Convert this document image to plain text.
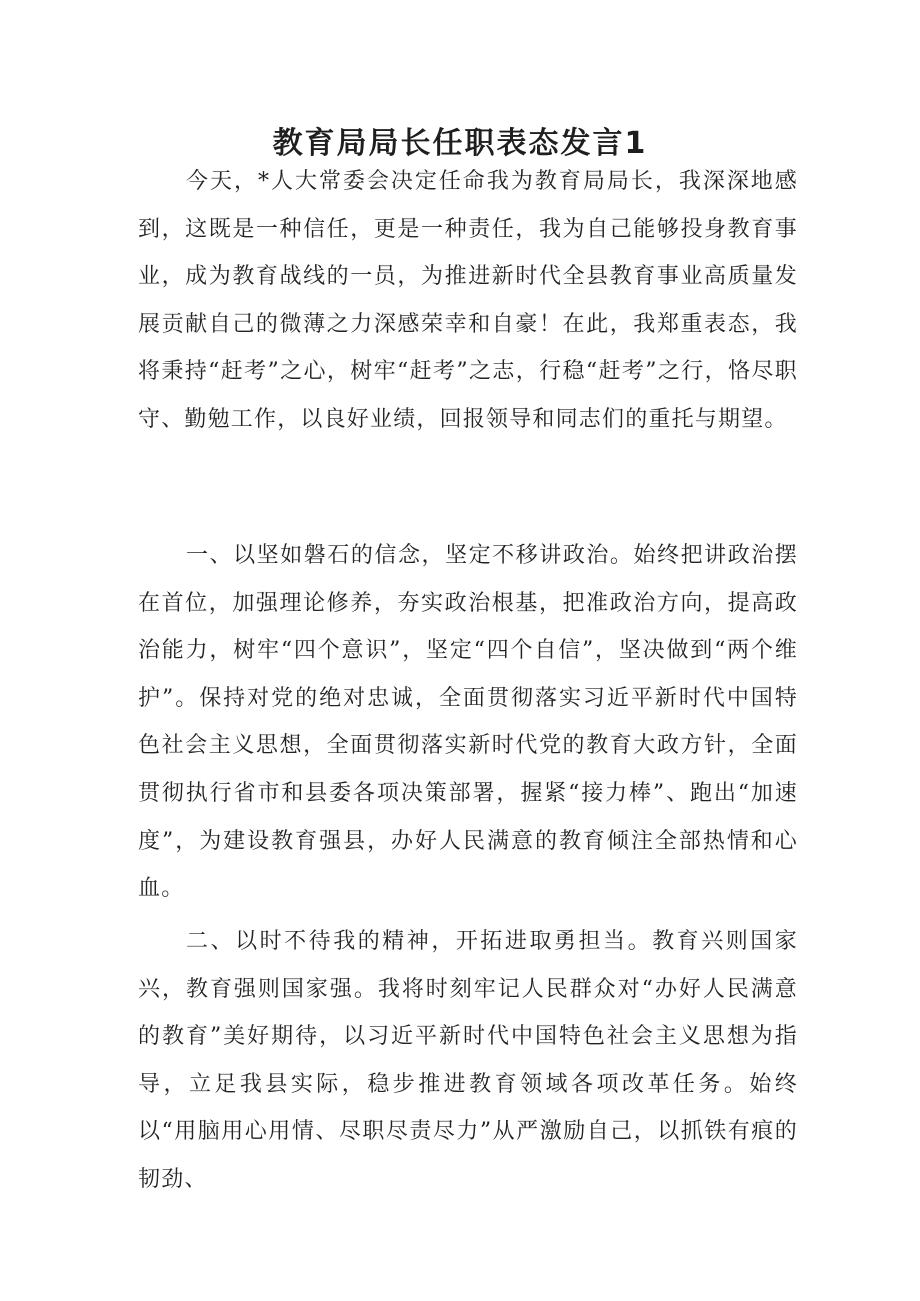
教育局局长任职表态发言1

今天，*人大常委会决定任命我为教育局局长，我深深地感到，这既是一种信任，更是一种责任，我为自己能够投身教育事业，成为教育战线的一员，为推进新时代全县教育事业高质量发展贡献自己的微薄之力深感荣幸和自豪！在此，我郑重表态，我将秉持“赶考”之心，树牢“赶考”之志，行稳“赶考”之行，恪尽职守、勤勉工作，以良好业绩，回报领导和同志们的重托与期望。

一、以坚如磐石的信念，坚定不移讲政治。始终把讲政治摆在首位，加强理论修养，夯实政治根基，把准政治方向，提高政治能力，树牢“四个意识”，坚定“四个自信”，坚决做到“两个维护”。保持对党的绝对忠诚，全面贯彻落实习近平新时代中国特色社会主义思想，全面贯彻落实新时代党的教育大政方针，全面贯彻执行省市和县委各项决策部署，握紧“接力棒”、跑出“加速度”，为建设教育强县，办好人民满意的教育倾注全部热情和心血。

二、以时不待我的精神，开拓进取勇担当。教育兴则国家兴，教育强则国家强。我将时刻牢记人民群众对“办好人民满意的教育”美好期待，以习近平新时代中国特色社会主义思想为指导，立足我县实际，稳步推进教育领域各项改革任务。始终以“用脑用心用情、尽职尽责尽力”从严激励自己，以抓铁有痕的韧劲、
